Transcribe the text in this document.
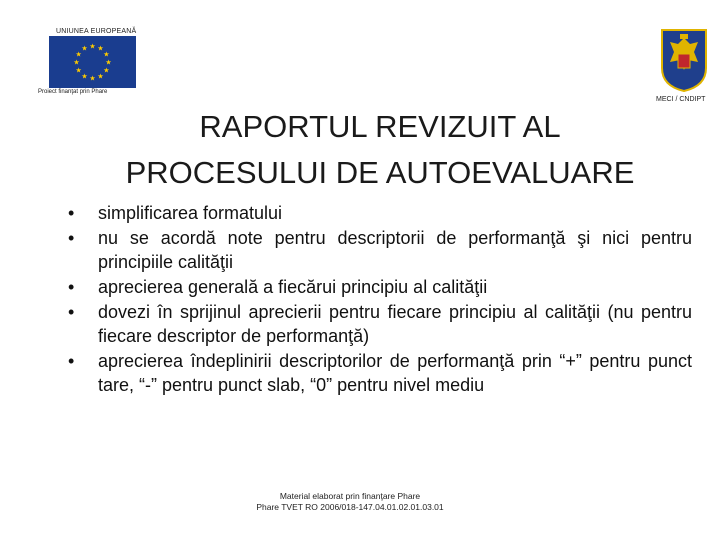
UNIUNEA EUROPEANĂ
★ ★
★
★
★
★
★
★
★
★
★
★
Proiect finanţat prin Phare
MECI / CNDIPT
RAPORTUL REVIZUIT AL
PROCESULUI DE AUTOEVALUARE
• simplificarea formatului
• nu se acordă note pentru descriptorii de performanţă şi nici pentru principiile calităţii
• aprecierea generală a fiecărui principiu al calităţii
• dovezi în sprijinul aprecierii pentru fiecare principiu al calităţii (nu pentru fiecare descriptor de performanţă)
• aprecierea îndeplinirii descriptorilor de performanţă prin “+” pentru punct tare, “-” pentru punct slab, “0” pentru nivel mediu
Material elaborat prin finanţare Phare
Phare TVET RO 2006/018-147.04.01.02.01.03.01
